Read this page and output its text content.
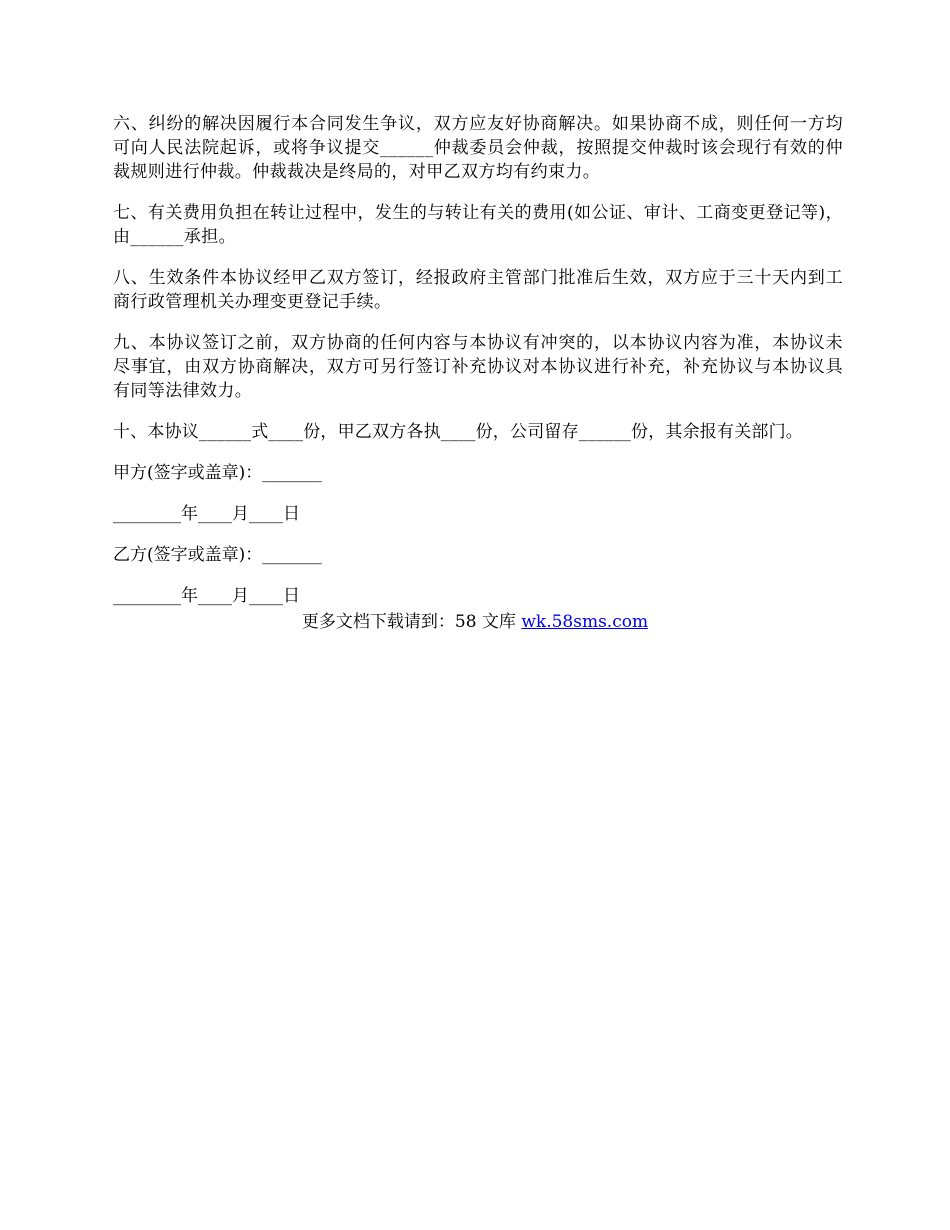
六、纠纷的解决因履行本合同发生争议，双方应友好协商解决。如果协商不成，则任何一方均可向人民法院起诉，或将争议提交______仲裁委员会仲裁，按照提交仲裁时该会现行有效的仲裁规则进行仲裁。仲裁裁决是终局的，对甲乙双方均有约束力。

七、有关费用负担在转让过程中，发生的与转让有关的费用(如公证、审计、工商变更登记等)，由______承担。

八、生效条件本协议经甲乙双方签订，经报政府主管部门批准后生效，双方应于三十天内到工商行政管理机关办理变更登记手续。

九、本协议签订之前，双方协商的任何内容与本协议有冲突的，以本协议内容为准，本协议未尽事宜，由双方协商解决，双方可另行签订补充协议对本协议进行补充，补充协议与本协议具有同等法律效力。

十、本协议______式____份，甲乙双方各执____份，公司留存______份，其余报有关部门。

甲方(签字或盖章)：_______

________年____月____日

乙方(签字或盖章)：_______

________年____月____日

更多文档下载请到：58 文库 wk.58sms.com
